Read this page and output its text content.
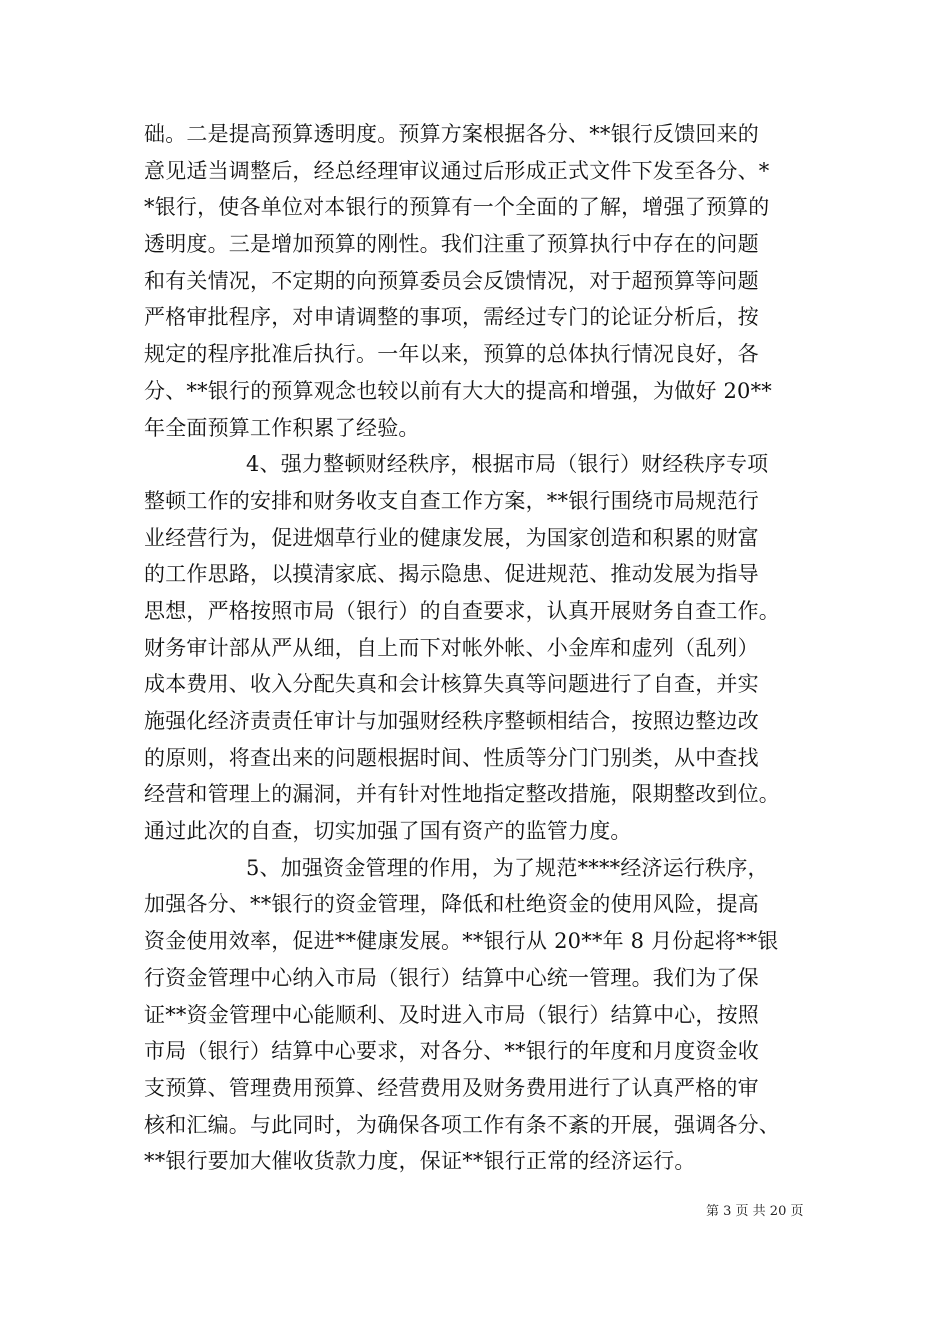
础。二是提高预算透明度。预算方案根据各分、**银行反馈回来的
意见适当调整后，经总经理审议通过后形成正式文件下发至各分、*
*银行，使各单位对本银行的预算有一个全面的了解，增强了预算的
透明度。三是增加预算的刚性。我们注重了预算执行中存在的问题
和有关情况，不定期的向预算委员会反馈情况，对于超预算等问题
严格审批程序，对申请调整的事项，需经过专门的论证分析后，按
规定的程序批准后执行。一年以来，预算的总体执行情况良好，各
分、**银行的预算观念也较以前有大大的提高和增强，为做好 20**
年全面预算工作积累了经验。
4、强力整顿财经秩序，根据市局（银行）财经秩序专项
整顿工作的安排和财务收支自查工作方案，**银行围绕市局规范行
业经营行为，促进烟草行业的健康发展，为国家创造和积累的财富
的工作思路，以摸清家底、揭示隐患、促进规范、推动发展为指导
思想，严格按照市局（银行）的自查要求，认真开展财务自查工作。
财务审计部从严从细，自上而下对帐外帐、小金库和虚列（乱列）
成本费用、收入分配失真和会计核算失真等问题进行了自查，并实
施强化经济责责任审计与加强财经秩序整顿相结合，按照边整边改
的原则，将查出来的问题根据时间、性质等分门门别类，从中查找
经营和管理上的漏洞，并有针对性地指定整改措施，限期整改到位。
通过此次的自查，切实加强了国有资产的监管力度。
5、加强资金管理的作用，为了规范****经济运行秩序，
加强各分、**银行的资金管理，降低和杜绝资金的使用风险，提高
资金使用效率，促进**健康发展。**银行从 20**年 8 月份起将**银
行资金管理中心纳入市局（银行）结算中心统一管理。我们为了保
证**资金管理中心能顺利、及时进入市局（银行）结算中心，按照
市局（银行）结算中心要求，对各分、**银行的年度和月度资金收
支预算、管理费用预算、经营费用及财务费用进行了认真严格的审
核和汇编。与此同时，为确保各项工作有条不紊的开展，强调各分、
**银行要加大催收货款力度，保证**银行正常的经济运行。
第 3 页 共 20 页
